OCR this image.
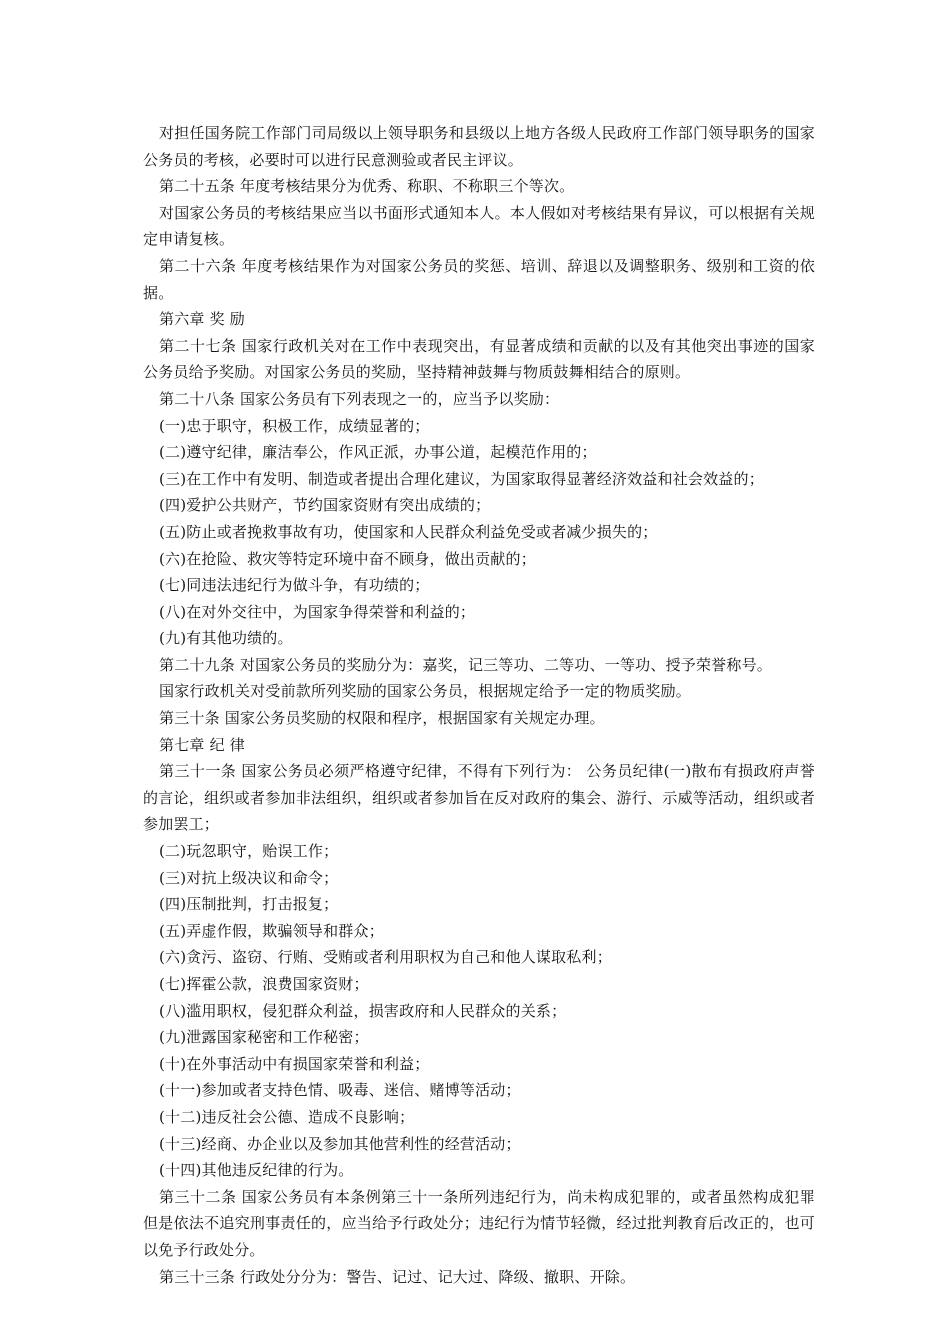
对担任国务院工作部门司局级以上领导职务和县级以上地方各级人民政府工作部门领导职务的国家公务员的考核，必要时可以进行民意测验或者民主评议。

第二十五条 年度考核结果分为优秀、称职、不称职三个等次。

对国家公务员的考核结果应当以书面形式通知本人。本人假如对考核结果有异议，可以根据有关规定申请复核。

第二十六条 年度考核结果作为对国家公务员的奖惩、培训、辞退以及调整职务、级别和工资的依据。

第六章 奖 励

第二十七条 国家行政机关对在工作中表现突出，有显著成绩和贡献的以及有其他突出事迹的国家公务员给予奖励。对国家公务员的奖励，坚持精神鼓舞与物质鼓舞相结合的原则。

第二十八条 国家公务员有下列表现之一的，应当予以奖励：

(一)忠于职守，积极工作，成绩显著的；

(二)遵守纪律，廉洁奉公，作风正派，办事公道，起模范作用的；

(三)在工作中有发明、制造或者提出合理化建议，为国家取得显著经济效益和社会效益的；

(四)爱护公共财产，节约国家资财有突出成绩的；

(五)防止或者挽救事故有功，使国家和人民群众利益免受或者减少损失的；

(六)在抢险、救灾等特定环境中奋不顾身，做出贡献的；

(七)同违法违纪行为做斗争，有功绩的；

(八)在对外交往中，为国家争得荣誉和利益的；

(九)有其他功绩的。

第二十九条 对国家公务员的奖励分为：嘉奖，记三等功、二等功、一等功、授予荣誉称号。

国家行政机关对受前款所列奖励的国家公务员，根据规定给予一定的物质奖励。

第三十条 国家公务员奖励的权限和程序，根据国家有关规定办理。

第七章 纪 律

第三十一条 国家公务员必须严格遵守纪律，不得有下列行为： 公务员纪律(一)散布有损政府声誉的言论，组织或者参加非法组织，组织或者参加旨在反对政府的集会、游行、示威等活动，组织或者参加罢工；

(二)玩忽职守，贻误工作；

(三)对抗上级决议和命令；

(四)压制批判，打击报复；

(五)弄虚作假，欺骗领导和群众；

(六)贪污、盗窃、行贿、受贿或者利用职权为自己和他人谋取私利；

(七)挥霍公款，浪费国家资财；

(八)滥用职权，侵犯群众利益，损害政府和人民群众的关系；

(九)泄露国家秘密和工作秘密；

(十)在外事活动中有损国家荣誉和利益；

(十一)参加或者支持色情、吸毒、迷信、赌博等活动；

(十二)违反社会公德、造成不良影响；

(十三)经商、办企业以及参加其他营利性的经营活动；

(十四)其他违反纪律的行为。

第三十二条 国家公务员有本条例第三十一条所列违纪行为，尚未构成犯罪的，或者虽然构成犯罪但是依法不追究刑事责任的，应当给予行政处分；违纪行为情节轻微，经过批判教育后改正的，也可以免予行政处分。

第三十三条 行政处分分为：警告、记过、记大过、降级、撤职、开除。
